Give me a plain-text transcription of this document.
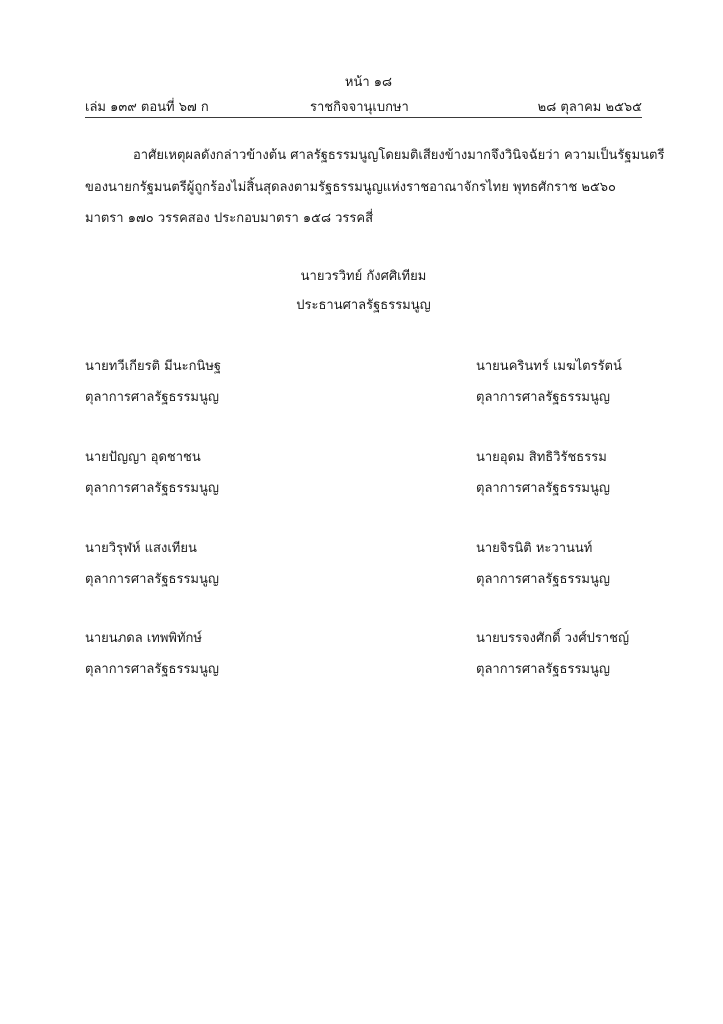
หน้า ๑๘
เล่ม ๑๓๙ ตอนที่ ๖๗ ก	ราชกิจจานุเบกษา	๒๘ ตุลาคม ๒๕๖๕
อาศัยเหตุผลดังกล่าวข้างต้น ศาลรัฐธรรมนูญโดยมติเสียงข้างมากจึงวินิจฉัยว่า ความเป็นรัฐมนตรี
ของนายกรัฐมนตรีผู้ถูกร้องไม่สิ้นสุดลงตามรัฐธรรมนูญแห่งราชอาณาจักรไทย พุทธศักราช ๒๕๖๐
มาตรา ๑๗๐ วรรคสอง ประกอบมาตรา ๑๕๘ วรรคสี่
นายวรวิทย์ กังศศิเทียม
ประธานศาลรัฐธรรมนูญ
นายทวีเกียรติ มีนะกนิษฐ
ตุลาการศาลรัฐธรรมนูญ
นายนครินทร์ เมฆไตรรัตน์
ตุลาการศาลรัฐธรรมนูญ
นายปัญญา อุดชาชน
ตุลาการศาลรัฐธรรมนูญ
นายอุดม สิทธิวิรัชธรรม
ตุลาการศาลรัฐธรรมนูญ
นายวิรุฬห์ แสงเทียน
ตุลาการศาลรัฐธรรมนูญ
นายจิรนิติ หะวานนท์
ตุลาการศาลรัฐธรรมนูญ
นายนภดล เทพพิทักษ์
ตุลาการศาลรัฐธรรมนูญ
นายบรรจงศักดิ์ วงศ์ปราชญ์
ตุลาการศาลรัฐธรรมนูญ
